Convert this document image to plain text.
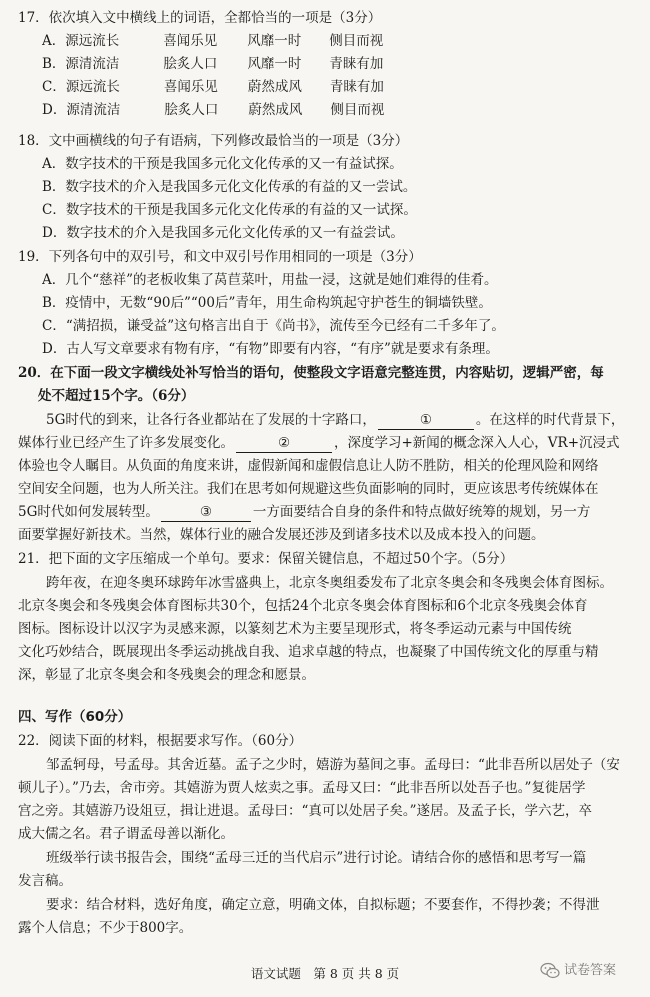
17．依次填入文中横线上的词语，全都恰当的一项是（3分）
A．源远流长	喜闻乐见 风靡一时 侧目而视
B．源清流洁	脍炙人口 风靡一时 青睐有加
C．源远流长	喜闻乐见 蔚然成风 青睐有加
D．源清流洁	脍炙人口 蔚然成风 侧目而视
18．文中画横线的句子有语病，下列修改最恰当的一项是（3分）
A．数字技术的干预是我国多元化文化传承的又一有益试探。
B．数字技术的介入是我国多元化文化传承的有益的又一尝试。
C．数字技术的干预是我国多元化文化传承的有益的又一试探。
D．数字技术的介入是我国多元化文化传承的又一有益尝试。
19．下列各句中的双引号，和文中双引号作用相同的一项是（3分）
A．几个“慈祥”的老板收集了莴苣菜叶，用盐一浸，这就是她们难得的佳肴。
B．疫情中，无数“90后”“00后”青年，用生命构筑起守护苍生的铜墙铁壁。
C．“满招损，谦受益”这句格言出自于《尚书》，流传至今已经有二千多年了。
D．古人写文章要求有物有序，“有物”即要有内容，“有序”就是要求有条理。
20．在下面一段文字横线处补写恰当的语句，使整段文字语意完整连贯，内容贴切，逻辑严密，每
处不超过15个字。（6分）
5G时代的到来，让各行各业都站在了发展的十字路口，	①	。在这样的时代背景下，
媒体行业已经产生了许多发展变化。	②	，深度学习+新闻的概念深入人心，VR+沉浸式
体验也令人瞩目。从负面的角度来讲，虚假新闻和虚假信息让人防不胜防，相关的伦理风险和网络
空间安全问题，也为人所关注。我们在思考如何规避这些负面影响的同时，更应该思考传统媒体在
5G时代如何发展转型。	③	一方面要结合自身的条件和特点做好统筹的规划，另一方
面要掌握好新技术。当然，媒体行业的融合发展还涉及到诸多技术以及成本投入的问题。
21．把下面的文字压缩成一个单句。要求：保留关键信息，不超过50个字。（5分）
跨年夜，在迎冬奥环球跨年冰雪盛典上，北京冬奥组委发布了北京冬奥会和冬残奥会体育图标。
北京冬奥会和冬残奥会体育图标共30个，包括24个北京冬奥会体育图标和6个北京冬残奥会体育
图标。图标设计以汉字为灵感来源，以篆刻艺术为主要呈现形式，将冬季运动元素与中国传统
文化巧妙结合，既展现出冬季运动挑战自我、追求卓越的特点，也凝聚了中国传统文化的厚重与精
深，彰显了北京冬奥会和冬残奥会的理念和愿景。
四、写作（60分）
22．阅读下面的材料，根据要求写作。（60分）
邹孟轲母，号孟母。其舍近墓。孟子之少时，嬉游为墓间之事。孟母曰：“此非吾所以居处子（安
顿儿子）。”乃去，舍市旁。其嬉游为贾人炫卖之事。孟母又曰：“此非吾所以处吾子也。”复徙居学
宫之旁。其嬉游乃设俎豆，揖让进退。孟母曰：“真可以处居子矣。”遂居。及孟子长，学六艺，卒
成大儒之名。君子谓孟母善以渐化。
班级举行读书报告会，围绕“孟母三迁的当代启示”进行讨论。请结合你的感悟和思考写一篇
发言稿。
要求：结合材料，选好角度，确定立意，明确文体，自拟标题；不要套作，不得抄袭；不得泄
露个人信息；不少于800字。
语文试题　第 8 页 共 8 页	试卷答案
